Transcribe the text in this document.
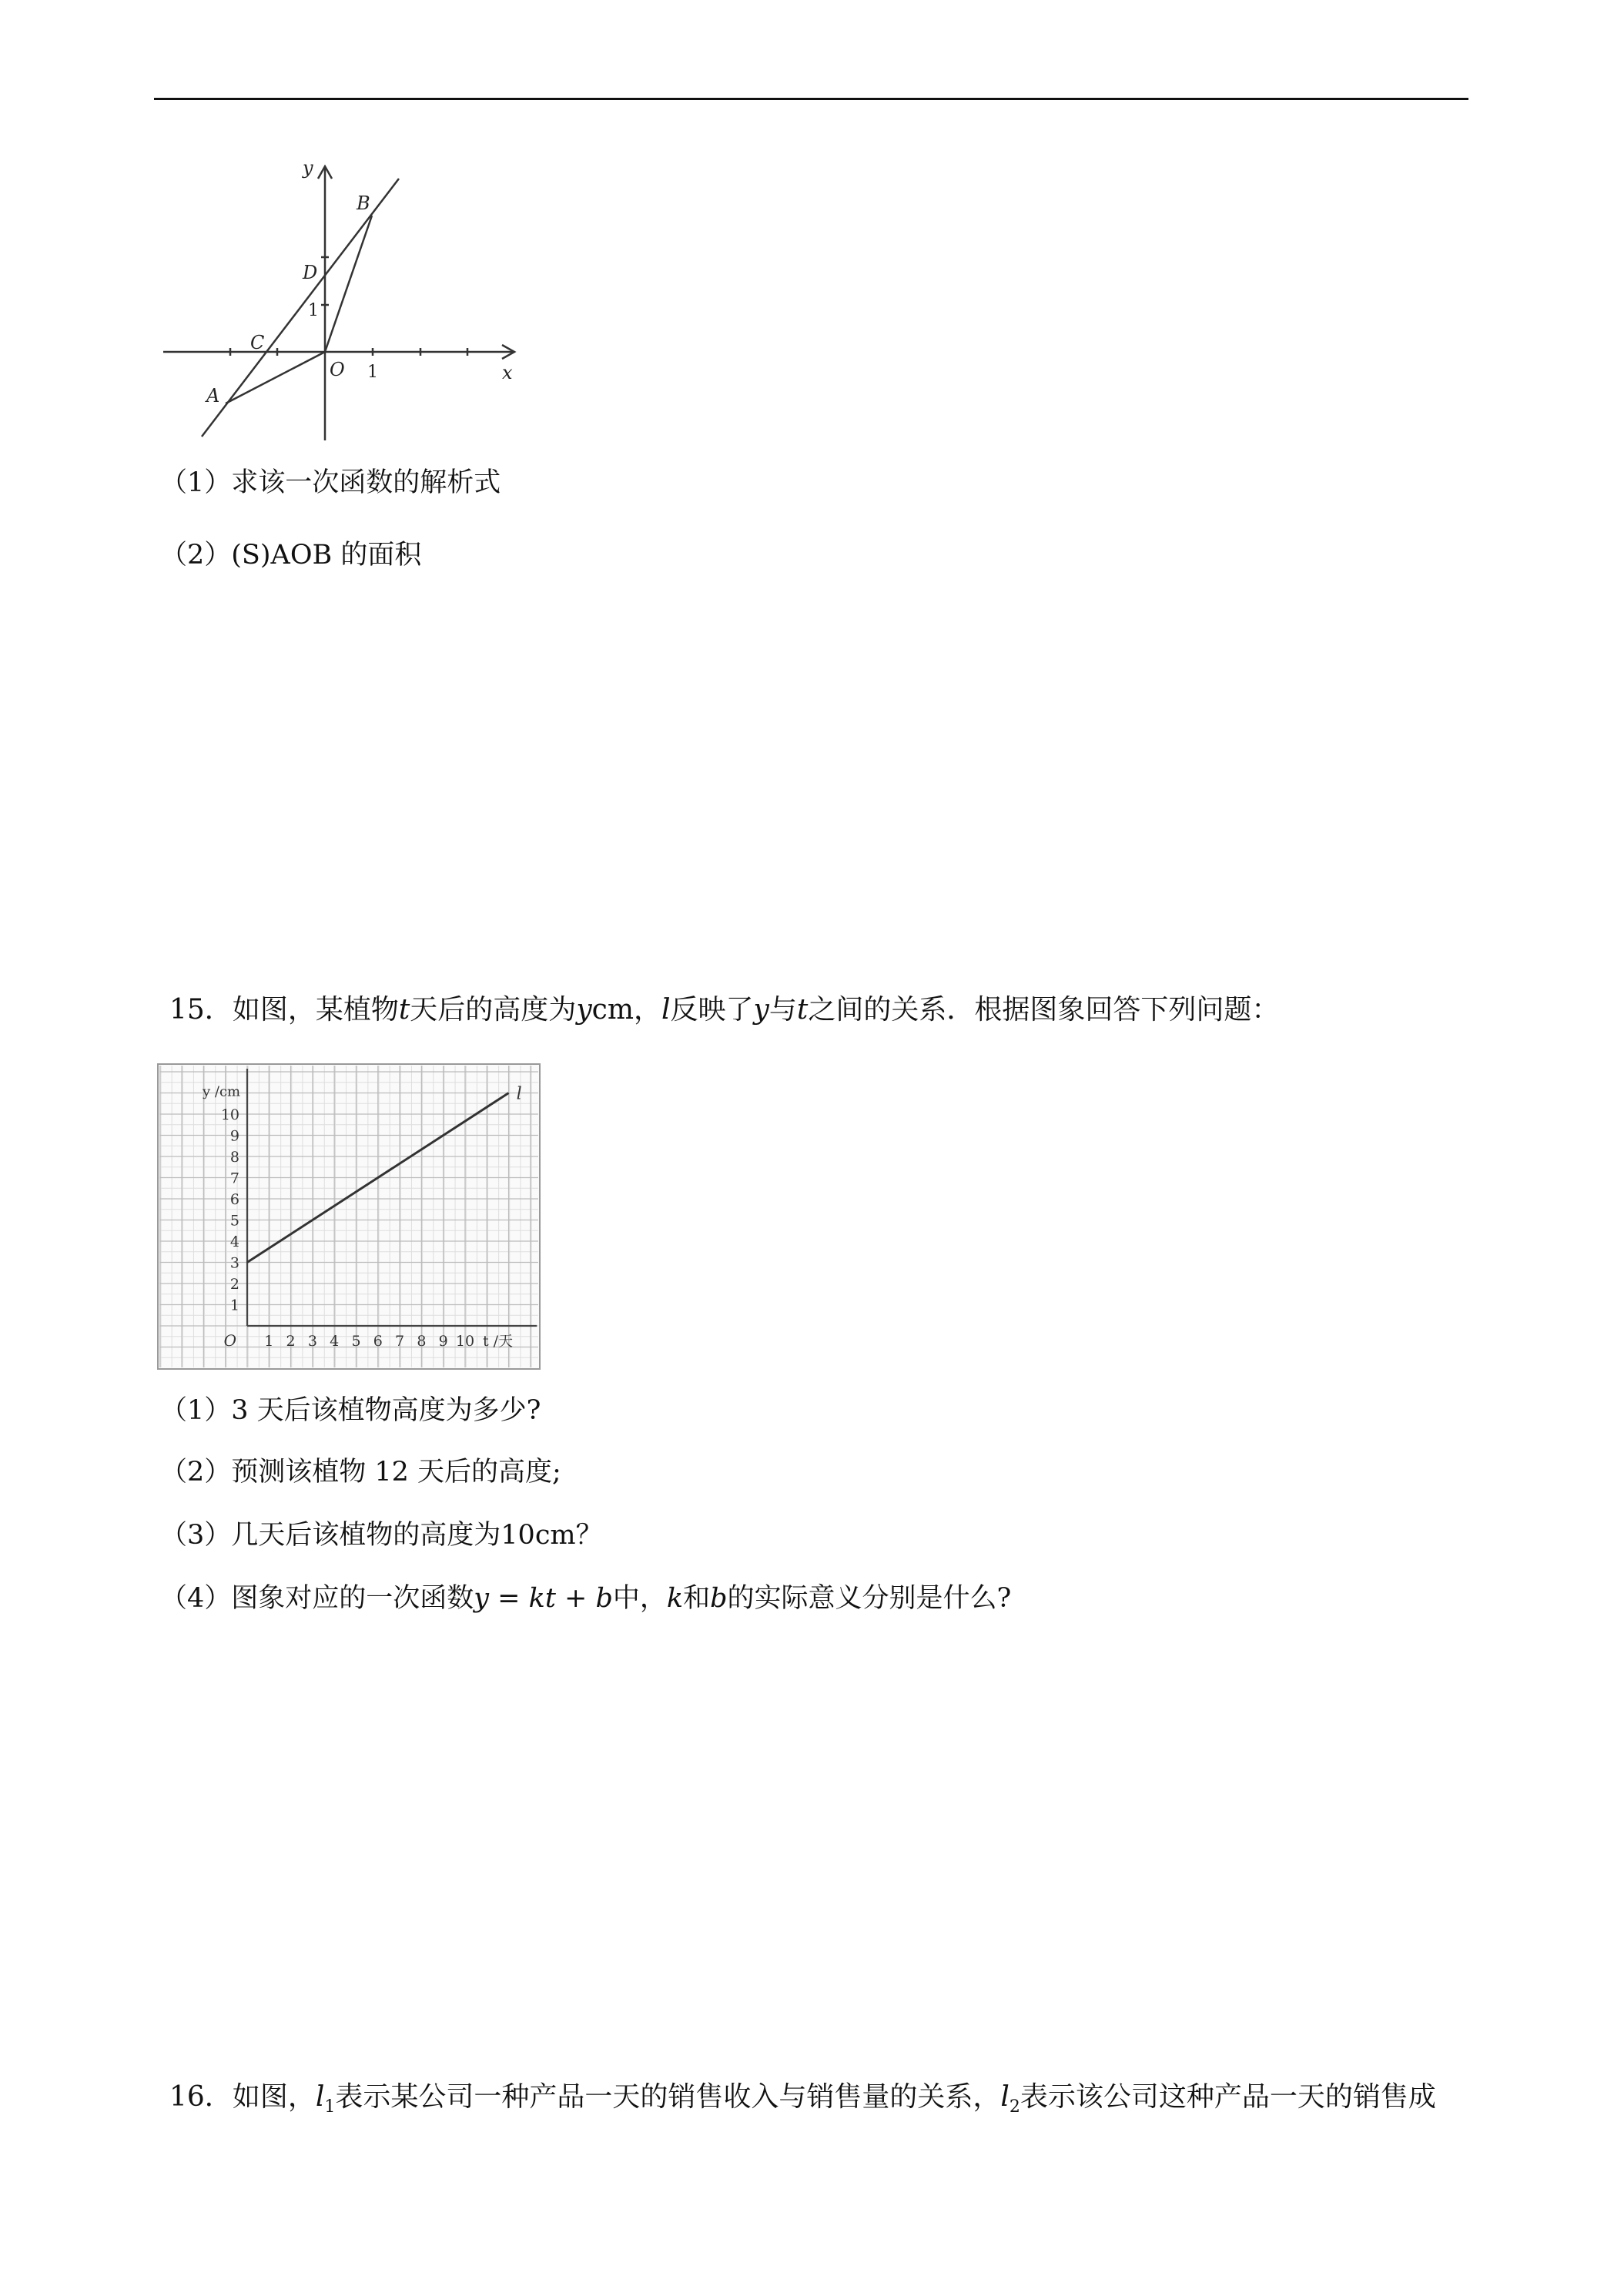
y
B
D
C
A
O	x
1
1
（1）求该一次函数的解析式
（2）(S)AOB 的面积
15．如图，某植物t天后的高度为ycm，l反映了y与t之间的关系．根据图象回答下列问题：
1 2 3 4 5 6 7 8 9 10
1
2
3
4
5
6
7
8
9
10
O
y /cm
t /天
l
（1）3 天后该植物高度为多少?
（2）预测该植物 12 天后的高度;
（3）几天后该植物的高度为10cm？
（4）图象对应的一次函数y = kt + b中，k和b的实际意义分别是什么?
16．如图，$l_1$表示某公司一种产品一天的销售收入与销售量的关系，$l_2$表示该公司这种产品一天的销售成
